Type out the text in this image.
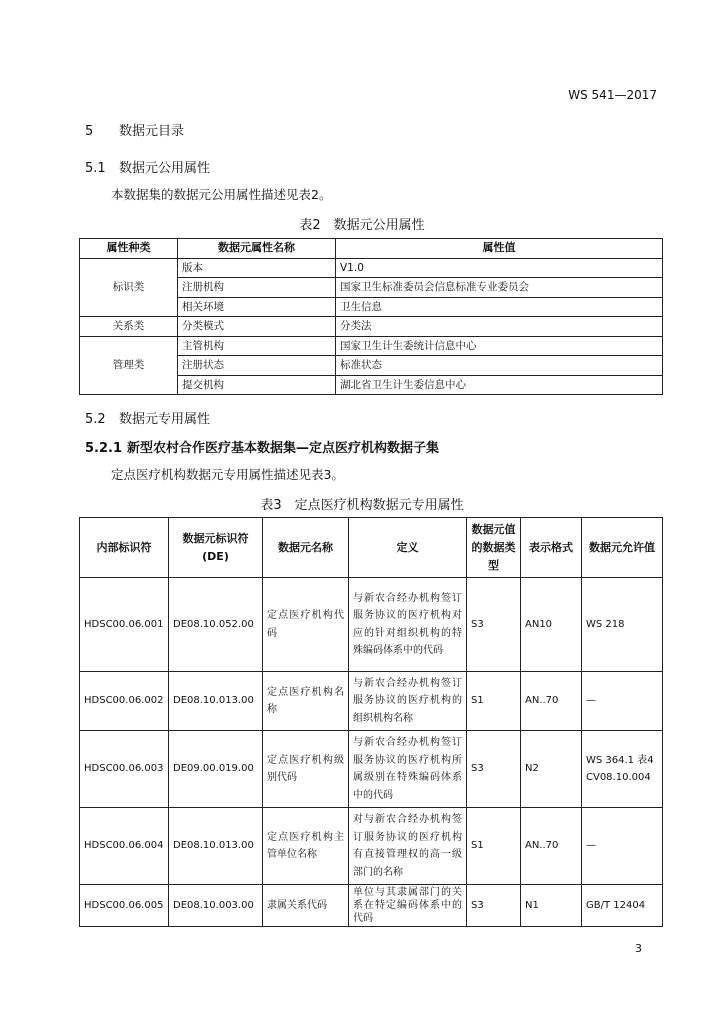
WS 541—2017
5 数据元目录
5.1 数据元公用属性
本数据集的数据元公用属性描述见表2。
表2　数据元公用属性
属性种类	数据元属性名称	属性值
标识类	版本	V1.0
	注册机构	国家卫生标准委员会信息标准专业委员会
	相关环境	卫生信息
关系类	分类模式	分类法
管理类	主管机构	国家卫生计生委统计信息中心
	注册状态	标准状态
	提交机构	湖北省卫生计生委信息中心
5.2 数据元专用属性
5.2.1 新型农村合作医疗基本数据集—定点医疗机构数据子集
定点医疗机构数据元专用属性描述见表3。
表3　定点医疗机构数据元专用属性
内部标识符	数据元标识符(DE)	数据元名称	定义	数据元值的数据类型	表示格式	数据元允许值
HDSC00.06.001	DE08.10.052.00	定点医疗机构代码	与新农合经办机构签订服务协议的医疗机构对应的针对组织机构的特殊编码体系中的代码	S3	AN10	WS 218
HDSC00.06.002	DE08.10.013.00	定点医疗机构名称	与新农合经办机构签订服务协议的医疗机构的组织机构名称	S1	AN..70	—
HDSC00.06.003	DE09.00.019.00	定点医疗机构级别代码	与新农合经办机构签订服务协议的医疗机构所属级别在特殊编码体系中的代码	S3	N2	WS 364.1 表4 CV08.10.004
HDSC00.06.004	DE08.10.013.00	定点医疗机构主管单位名称	对与新农合经办机构签订服务协议的医疗机构有直接管理权的高一级部门的名称	S1	AN..70	—
HDSC00.06.005	DE08.10.003.00	隶属关系代码	单位与其隶属部门的关系在特定编码体系中的代码	S3	N1	GB/T 12404
3
